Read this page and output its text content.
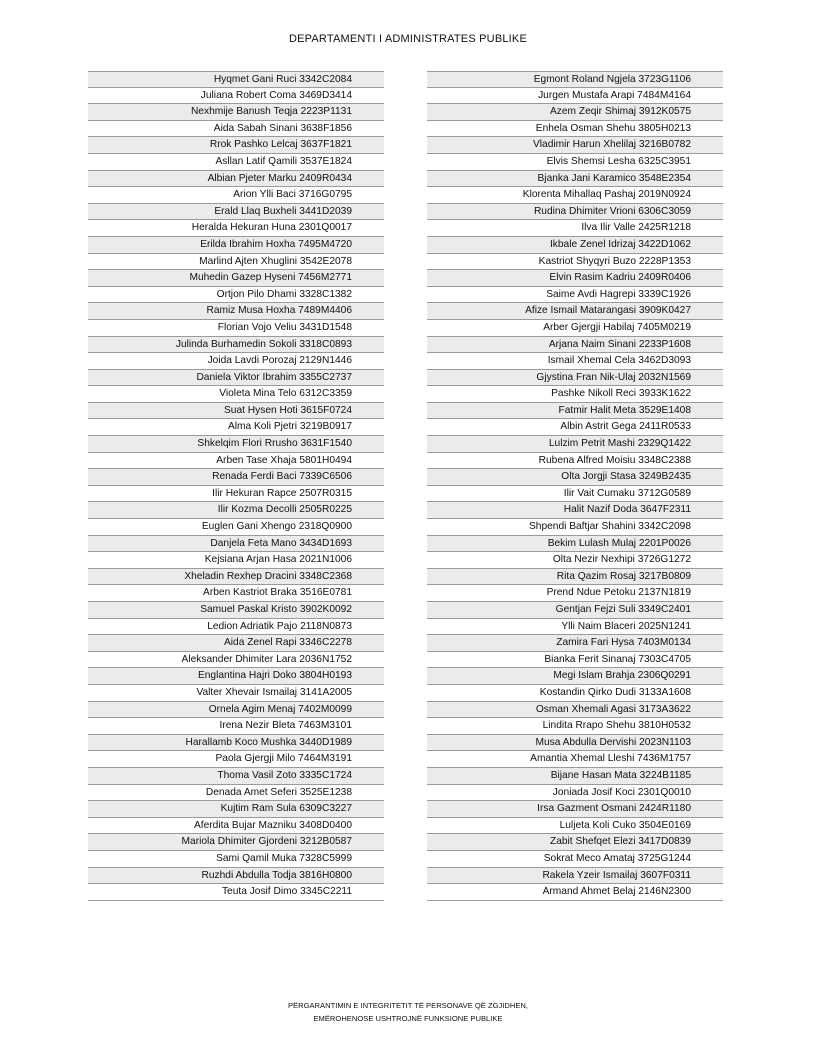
DEPARTAMENTI I ADMINISTRATES PUBLIKE
Hyqmet Gani Ruci 3342C2084
Juliana Robert Coma 3469D3414
Nexhmije Banush Teqja 2223P1131
Aida Sabah Sinani 3638F1856
Rrok Pashko Lelcaj 3637F1821
Asllan Latif Qamili 3537E1824
Albian Pjeter Marku 2409R0434
Arion Ylli Baci 3716G0795
Erald Llaq Buxheli 3441D2039
Heralda Hekuran Huna 2301Q0017
Erilda Ibrahim Hoxha 7495M4720
Marlind Ajten Xhuglini 3542E2078
Muhedin Gazep Hyseni 7456M2771
Ortjon Pilo Dhami 3328C1382
Ramiz Musa Hoxha 7489M4406
Florian Vojo Veliu 3431D1548
Julinda Burhamedin Sokoli 3318C0893
Joida Lavdi Porozaj 2129N1446
Daniela Viktor Ibrahim 3355C2737
Violeta Mina Telo 6312C3359
Suat Hysen Hoti 3615F0724
Alma Koli Pjetri 3219B0917
Shkelqim Flori Rrusho 3631F1540
Arben Tase Xhaja 5801H0494
Renada Ferdi Baci 7339C6506
Ilir Hekuran Rapce 2507R0315
Ilir Kozma Decolli 2505R0225
Euglen Gani Xhengo 2318Q0900
Danjela Feta Mano 3434D1693
Kejsiana Arjan Hasa 2021N1006
Xheladin Rexhep Dracini 3348C2368
Arben Kastriot Braka 3516E0781
Samuel Paskal Kristo 3902K0092
Ledion Adriatik Pajo 2118N0873
Aida Zenel Rapi 3346C2278
Aleksander Dhimiter Lara 2036N1752
Englantina Hajri Doko 3804H0193
Valter Xhevair Ismailaj 3141A2005
Ornela Agim Menaj 7402M0099
Irena Nezir Bleta 7463M3101
Harallamb Koco Mushka 3440D1989
Paola Gjergji Milo 7464M3191
Thoma Vasil Zoto 3335C1724
Denada Amet Seferi 3525E1238
Kujtim Ram Sula 6309C3227
Aferdita Bujar Mazniku 3408D0400
Mariola Dhimiter Gjordeni 3212B0587
Sami Qamil Muka 7328C5999
Ruzhdi Abdulla Todja 3816H0800
Teuta Josif Dimo 3345C2211
Egmont Roland Ngjela 3723G1106
Jurgen Mustafa Arapi 7484M4164
Azem Zeqir Shimaj 3912K0575
Enhela Osman Shehu 3805H0213
Vladimir Harun Xhelilaj 3216B0782
Elvis Shemsi Lesha 6325C3951
Bjanka Jani Karamico 3548E2354
Klorenta Mihallaq Pashaj 2019N0924
Rudina Dhimiter Vrioni 6306C3059
Ilva Ilir Valle 2425R1218
Ikbale Zenel Idrizaj 3422D1062
Kastriot Shyqyri Buzo 2228P1353
Elvin Rasim Kadriu 2409R0406
Saime Avdi Hagrepi 3339C1926
Afize Ismail Matarangasi 3909K0427
Arber Gjergji Habilaj 7405M0219
Arjana Naim Sinani 2233P1608
Ismail Xhemal Cela 3462D3093
Gjystina Fran Nik-Ulaj 2032N1569
Pashke Nikoll Reci 3933K1622
Fatmir Halit Meta 3529E1408
Albin Astrit Gega 2411R0533
Lulzim Petrit Mashi 2329Q1422
Rubena Alfred Moisiu 3348C2388
Olta Jorgji Stasa 3249B2435
Ilir Vait Cumaku 3712G0589
Halit Nazif Doda 3647F2311
Shpendi Baftjar Shahini 3342C2098
Bekim Lulash Mulaj 2201P0026
Olta Nezir Nexhipi 3726G1272
Rita Qazim Rosaj 3217B0809
Prend Ndue Petoku 2137N1819
Gentjan Fejzi Suli 3349C2401
Ylli Naim Blaceri 2025N1241
Zamira Fari Hysa 7403M0134
Bianka Ferit Sinanaj 7303C4705
Megi Islam Brahja 2306Q0291
Kostandin Qirko Dudi 3133A1608
Osman Xhemali Agasi 3173A3622
Lindita Rrapo Shehu 3810H0532
Musa Abdulla Dervishi 2023N1103
Amantia Xhemal Lleshi 7436M1757
Bijane Hasan Mata 3224B1185
Joniada Josif Koci 2301Q0010
Irsa Gazment Osmani 2424R1180
Luljeta Koli Cuko 3504E0169
Zabit Shefqet Elezi 3417D0839
Sokrat Meco Amataj 3725G1244
Rakela Yzeir Ismailaj 3607F0311
Armand Ahmet Belaj 2146N2300
PËRGARANTIMIN E INTEGRITETIT TË PERSONAVE QË ZGJIDHEN,
EMËROHENOSE USHTROJNË FUNKSIONE PUBLIKE
